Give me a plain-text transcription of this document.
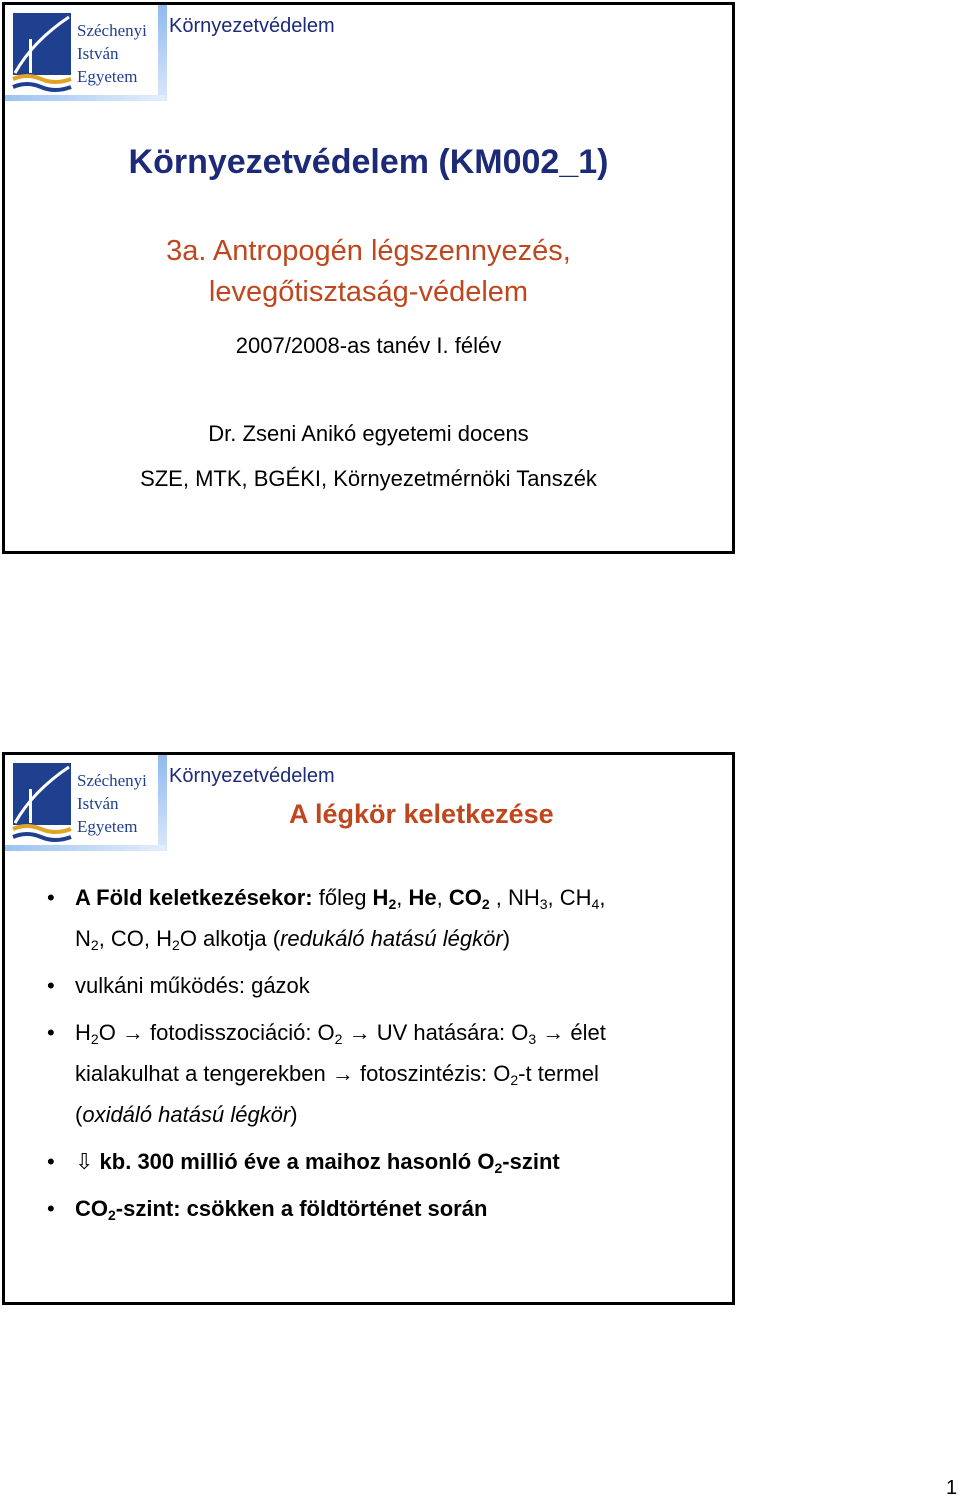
Széchenyi
István
Egyetem
Környezetvédelem
Környezetvédelem (KM002_1)
3a. Antropogén légszennyezés,
levegőtisztaság-védelem
2007/2008-as tanév I. félév
Dr. Zseni Anikó egyetemi docens
SZE, MTK, BGÉKI, Környezetmérnöki Tanszék
Széchenyi
István
Egyetem
Környezetvédelem
A légkör keletkezése
• A Föld keletkezésekor: főleg $H_2$, He, $CO_2$ , $NH_3$, $CH_4$,
$N_2$, CO, $H_2O$ alkotja (redukáló hatású légkör)
• vulkáni működés: gázok
• $H_2O$ → fotodisszociáció: $O_2$ → UV hatására: $O_3$ → élet
kialakulhat a tengerekben → fotoszintézis: $O_2-t$ termel
(oxidáló hatású légkör)
• ⇩ kb. 300 millió éve a maihoz hasonló $O_2$-szint
• $CO_2$-szint: csökken a földtörténet során
1
